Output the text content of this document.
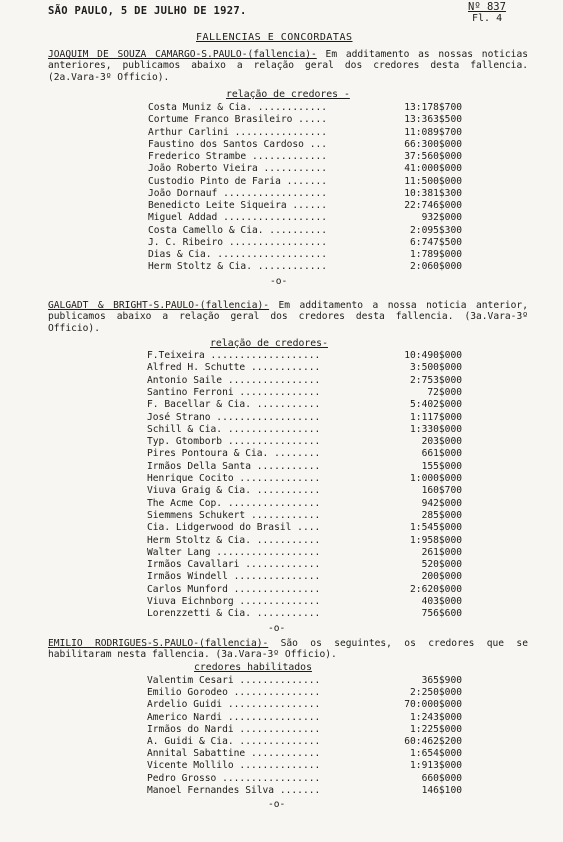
SÃO PAULO, 5 DE JULHO DE 1927.	Nº 837
Fl. 4
FALLENCIAS E CONCORDATAS
JOAQUIM DE SOUZA CAMARGO-S.PAULO-(fallencia)- Em additamento as nossas noticias anteriores, publicamos abaixo a relação geral dos credores desta fallencia. (2a.Vara-3º Officio).
relação de credores -
Costa Muniz & Cia. ............	13:178$700
Cortume Franco Brasileiro .....	13:363$500
Arthur Carlini ................	11:089$700
Faustino dos Santos Cardoso ...	66:300$000
Frederico Strambe .............	37:560$000
João Roberto Vieira ...........	41:000$000
Custodio Pinto de Faria .......	11:500$000
João Dornauf ..................	10:381$300
Benedicto Leite Siqueira ......	22:746$000
Miguel Addad ..................	932$000
Costa Camello & Cia. ..........	2:095$300
J. C. Ribeiro .................	6:747$500
Dias & Cia. ...................	1:789$000
Herm Stoltz & Cia. ............	2:060$000
-o-
GALGADT & BRIGHT-S.PAULO-(fallencia)- Em additamento a nossa noticia anterior, publicamos abaixo a relação geral dos credores desta fallencia. (3a.Vara-3º Officio).
relação de credores-
F.Teixeira ...................	10:490$000
Alfred H. Schutte ............	3:500$000
Antonio Saile ................	2:753$000
Santino Ferroni ..............	72$000
F. Bacellar & Cia. ...........	5:402$000
José Strano ..................	1:117$000
Schill & Cia. ................	1:330$000
Typ. Gtomborb ................	203$000
Pires Pontoura & Cia. ........	661$000
Irmãos Della Santa ...........	155$000
Henrique Cocito ..............	1:000$000
Viuva Graig & Cia. ...........	160$700
The Acme Cop. ................	942$000
Siemmens Schukert ............	285$000
Cia. Lidgerwood do Brasil ....	1:545$000
Herm Stoltz & Cia. ...........	1:958$000
Walter Lang ..................	261$000
Irmãos Cavallari .............	520$000
Irmãos Windell ...............	200$000
Carlos Munford ...............	2:620$000
Viuva Eichnborg ..............	403$000
Lorenzzetti & Cia. ...........	756$600
-o-
EMILIO RODRIGUES-S.PAULO-(fallencia)- São os seguintes, os credores que se habilitaram nesta fallencia. (3a.Vara-3º Officio).
credores habilitados
Valentim Cesari ..............	365$900
Emilio Gorodeo ...............	2:250$000
Ardelio Guidi ................	70:000$000
Americo Nardi ................	1:243$000
Irmãos do Nardi ..............	1:225$000
A. Guidi & Cia. ..............	60:462$200
Annital Sabattine ............	1:654$000
Vicente Mollilo ..............	1:913$000
Pedro Grosso .................	660$000
Manoel Fernandes Silva .......	146$100
-o-
